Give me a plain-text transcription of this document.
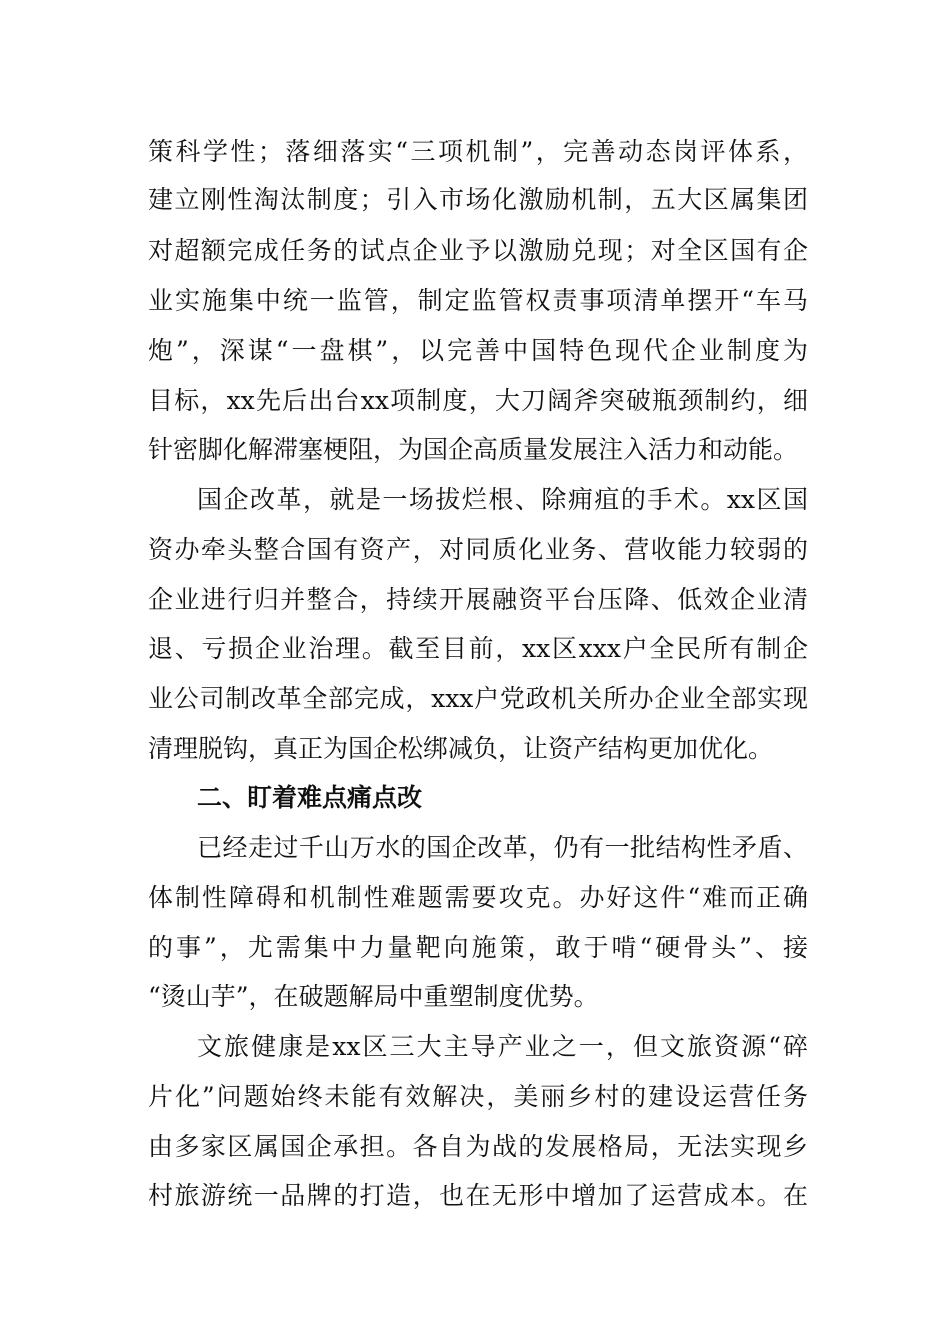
策科学性；落细落实“三项机制”，完善动态岗评体系，
建立刚性淘汰制度；引入市场化激励机制，五大区属集团
对超额完成任务的试点企业予以激励兑现；对全区国有企
业实施集中统一监管，制定监管权责事项清单摆开“车马
炮”，深谋“一盘棋”，以完善中国特色现代企业制度为
目标，xx先后出台xx项制度，大刀阔斧突破瓶颈制约，细
针密脚化解滞塞梗阻，为国企高质量发展注入活力和动能。
国企改革，就是一场拔烂根、除痈疽的手术。xx区国
资办牵头整合国有资产，对同质化业务、营收能力较弱的
企业进行归并整合，持续开展融资平台压降、低效企业清
退、亏损企业治理。截至目前，xx区xxx户全民所有制企
业公司制改革全部完成，xxx户党政机关所办企业全部实现
清理脱钩，真正为国企松绑减负，让资产结构更加优化。
二、盯着难点痛点改
已经走过千山万水的国企改革，仍有一批结构性矛盾、
体制性障碍和机制性难题需要攻克。办好这件“难而正确
的事”，尤需集中力量靶向施策，敢于啃“硬骨头”、接
“烫山芋”，在破题解局中重塑制度优势。
文旅健康是xx区三大主导产业之一，但文旅资源“碎
片化”问题始终未能有效解决，美丽乡村的建设运营任务
由多家区属国企承担。各自为战的发展格局，无法实现乡
村旅游统一品牌的打造，也在无形中增加了运营成本。在
